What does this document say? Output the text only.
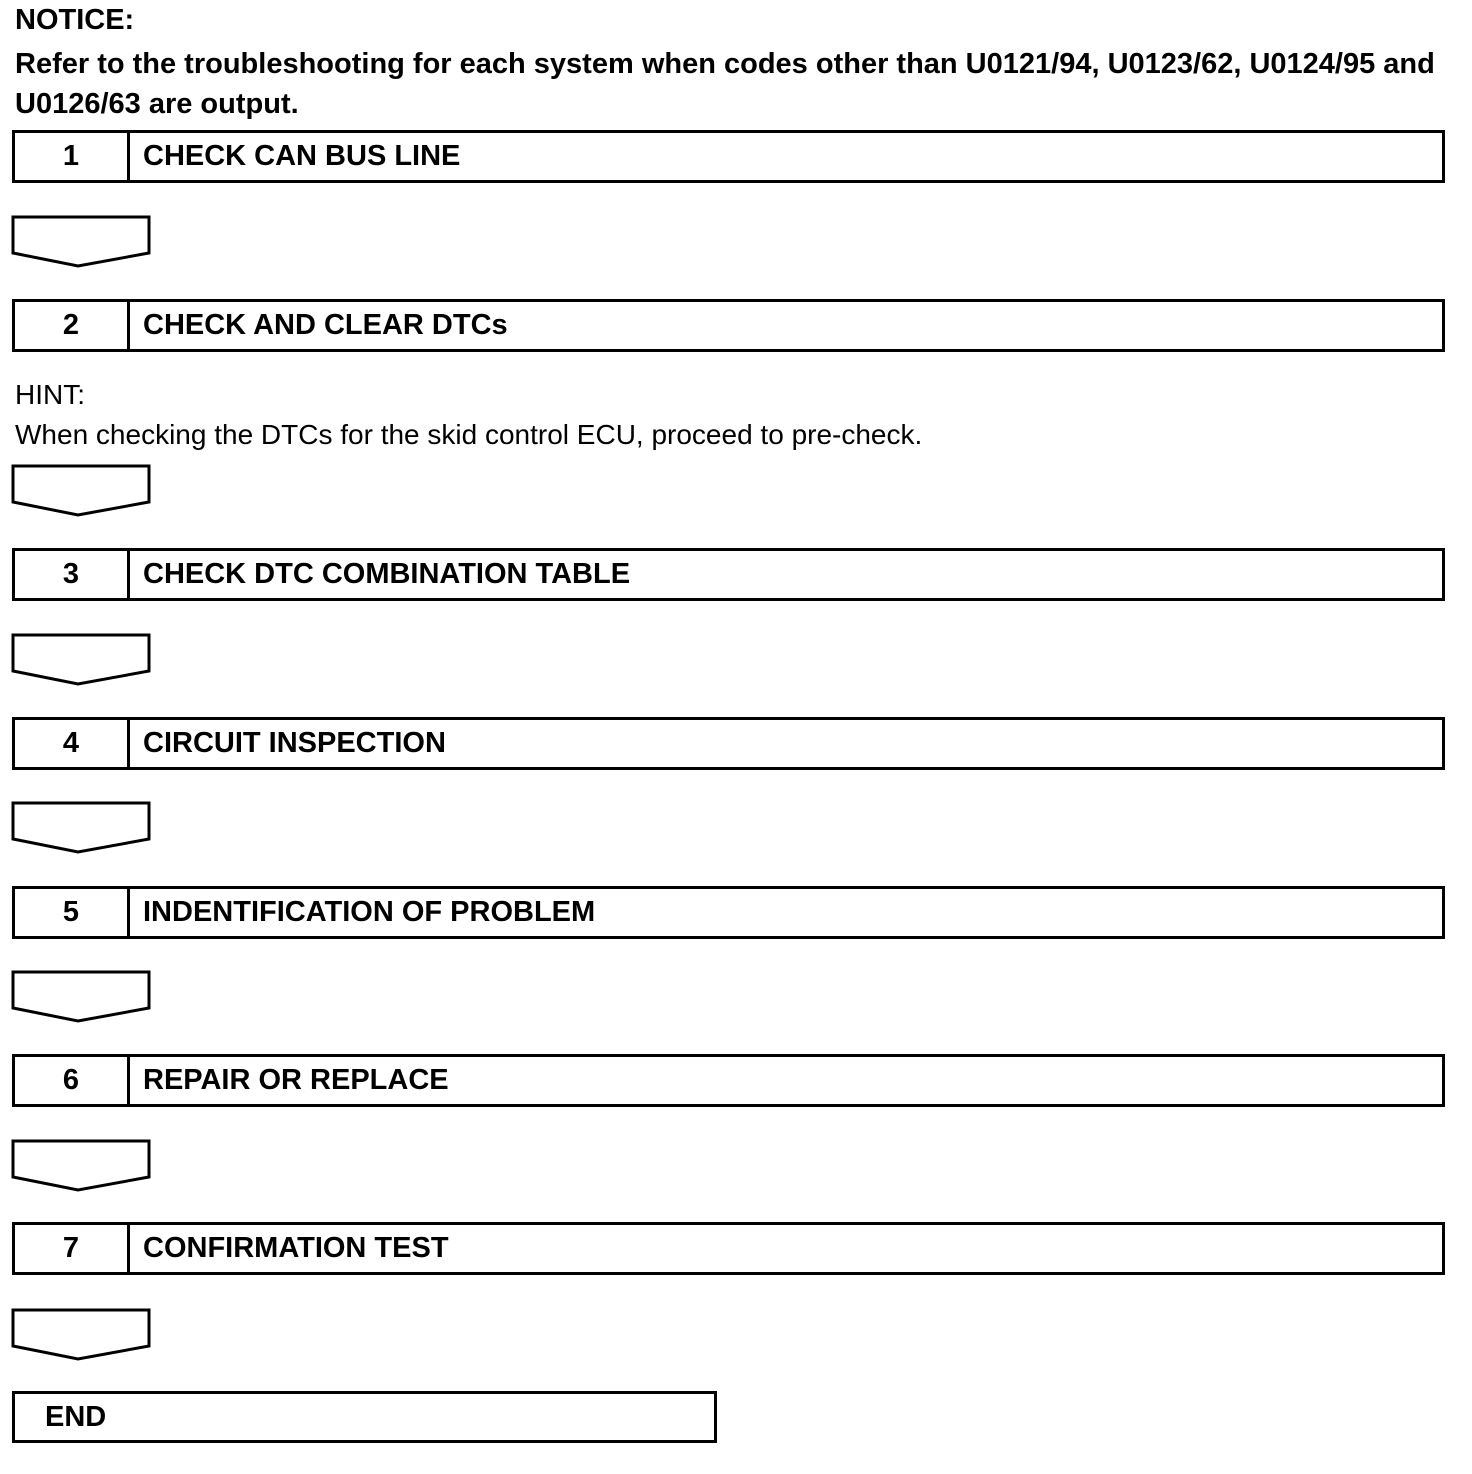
NOTICE:
Refer to the troubleshooting for each system when codes other than U0121/94, U0123/62, U0124/95 and U0126/63 are output.
1	CHECK CAN BUS LINE
2	CHECK AND CLEAR DTCs
HINT:
When checking the DTCs for the skid control ECU, proceed to pre-check.
3	CHECK DTC COMBINATION TABLE
4	CIRCUIT INSPECTION
5	INDENTIFICATION OF PROBLEM
6	REPAIR OR REPLACE
7	CONFIRMATION TEST
END
